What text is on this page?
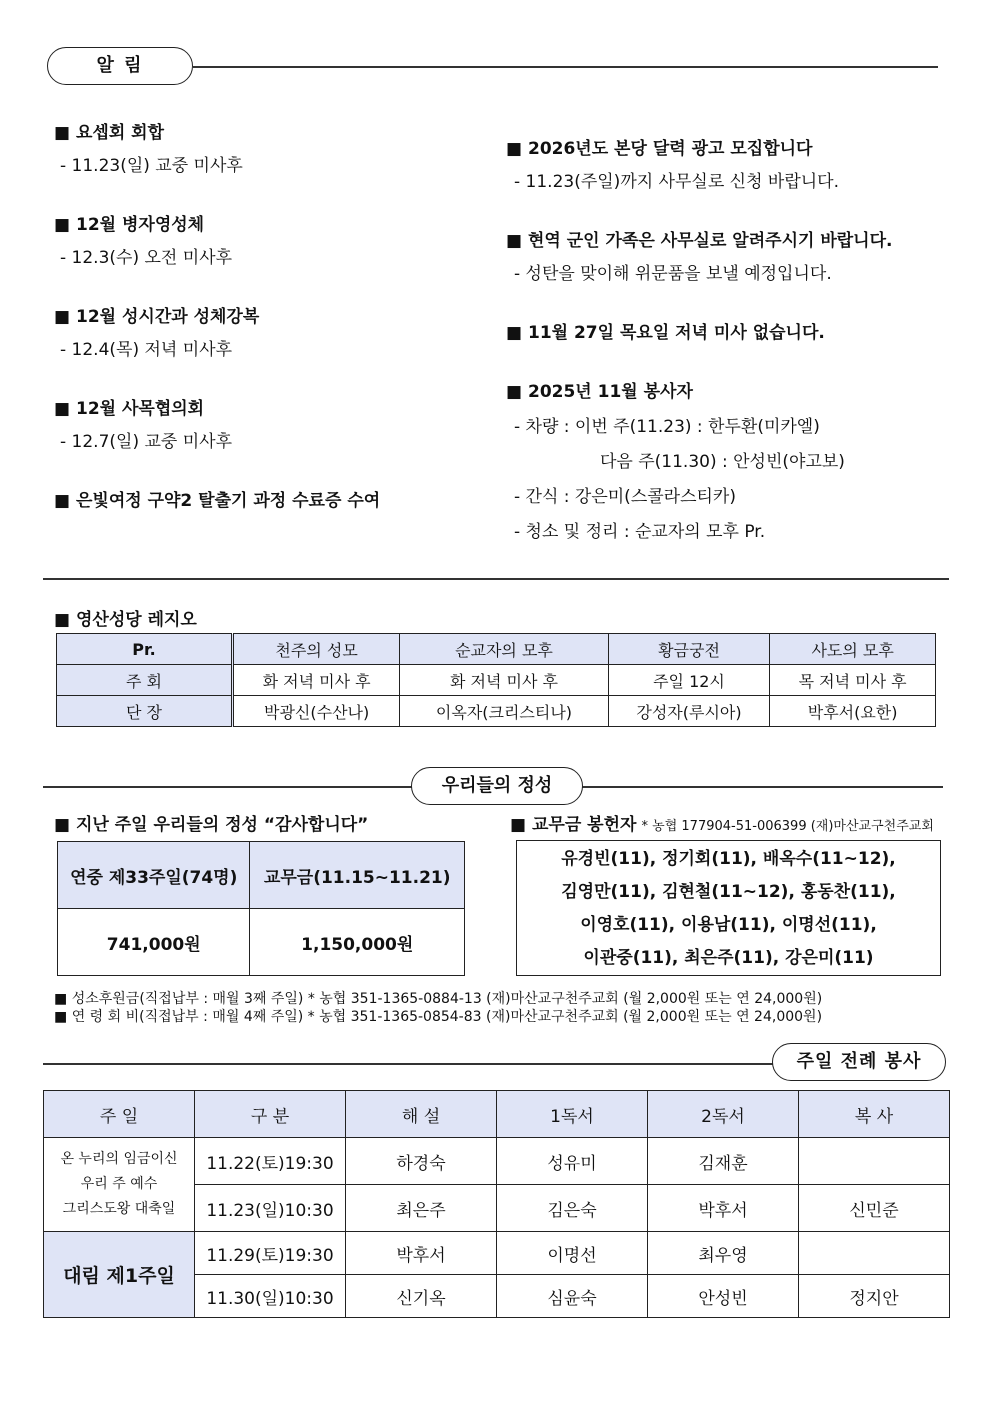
알 림
■ 요셉회 회합
- 11.23(일) 교중 미사후
■ 12월 병자영성체
- 12.3(수) 오전 미사후
■ 12월 성시간과 성체강복
- 12.4(목) 저녁 미사후
■ 12월 사목협의회
- 12.7(일) 교중 미사후
■ 은빛여정 구약2 탈출기 과정 수료증 수여
■ 2026년도 본당 달력 광고 모집합니다
- 11.23(주일)까지 사무실로 신청 바랍니다.
■ 현역 군인 가족은 사무실로 알려주시기 바랍니다.
- 성탄을 맞이해 위문품을 보낼 예정입니다.
■ 11월 27일 목요일 저녁 미사 없습니다.
■ 2025년 11월 봉사자
- 차량 : 이번 주(11.23) : 한두환(미카엘)
다음 주(11.30) : 안성빈(야고보)
- 간식 : 강은미(스콜라스티카)
- 청소 및 정리 : 순교자의 모후 Pr.
■ 영산성당 레지오
Pr.	천주의 성모	순교자의 모후	황금궁전	사도의 모후
주 회	화 저녁 미사 후	화 저녁 미사 후	주일 12시	목 저녁 미사 후
단 장	박광신(수산나)	이옥자(크리스티나)	강성자(루시아)	박후서(요한)
우리들의 정성
■ 지난 주일 우리들의 정성 “감사합니다”
연중 제33주일(74명)	교무금(11.15~11.21)
741,000원	1,150,000원
■ 교무금 봉헌자 * 농협 177904-51-006399 (재)마산교구천주교회
유경빈(11), 정기회(11), 배옥수(11~12),
김영만(11), 김현철(11~12), 홍동찬(11),
이영호(11), 이용남(11), 이명선(11),
이관중(11), 최은주(11), 강은미(11)
■ 성소후원금(직접납부 : 매월 3째 주일) * 농협 351-1365-0884-13 (재)마산교구천주교회 (월 2,000원 또는 연 24,000원)
■ 연 령 회 비(직접납부 : 매월 4째 주일) * 농협 351-1365-0854-83 (재)마산교구천주교회 (월 2,000원 또는 연 24,000원)
주일 전례 봉사
주 일	구 분	해 설	1독서	2독서	복 사

온 누리의 임금이신
우리 주 예수
그리스도왕 대축일	11.22(토)19:30	하경숙	성유미	김재훈	
	11.23(일)10:30	최은주	김은숙	박후서	신민준
대림 제1주일	11.29(토)19:30	박후서	이명선	최우영	
	11.30(일)10:30	신기옥	심윤숙	안성빈	정지안
